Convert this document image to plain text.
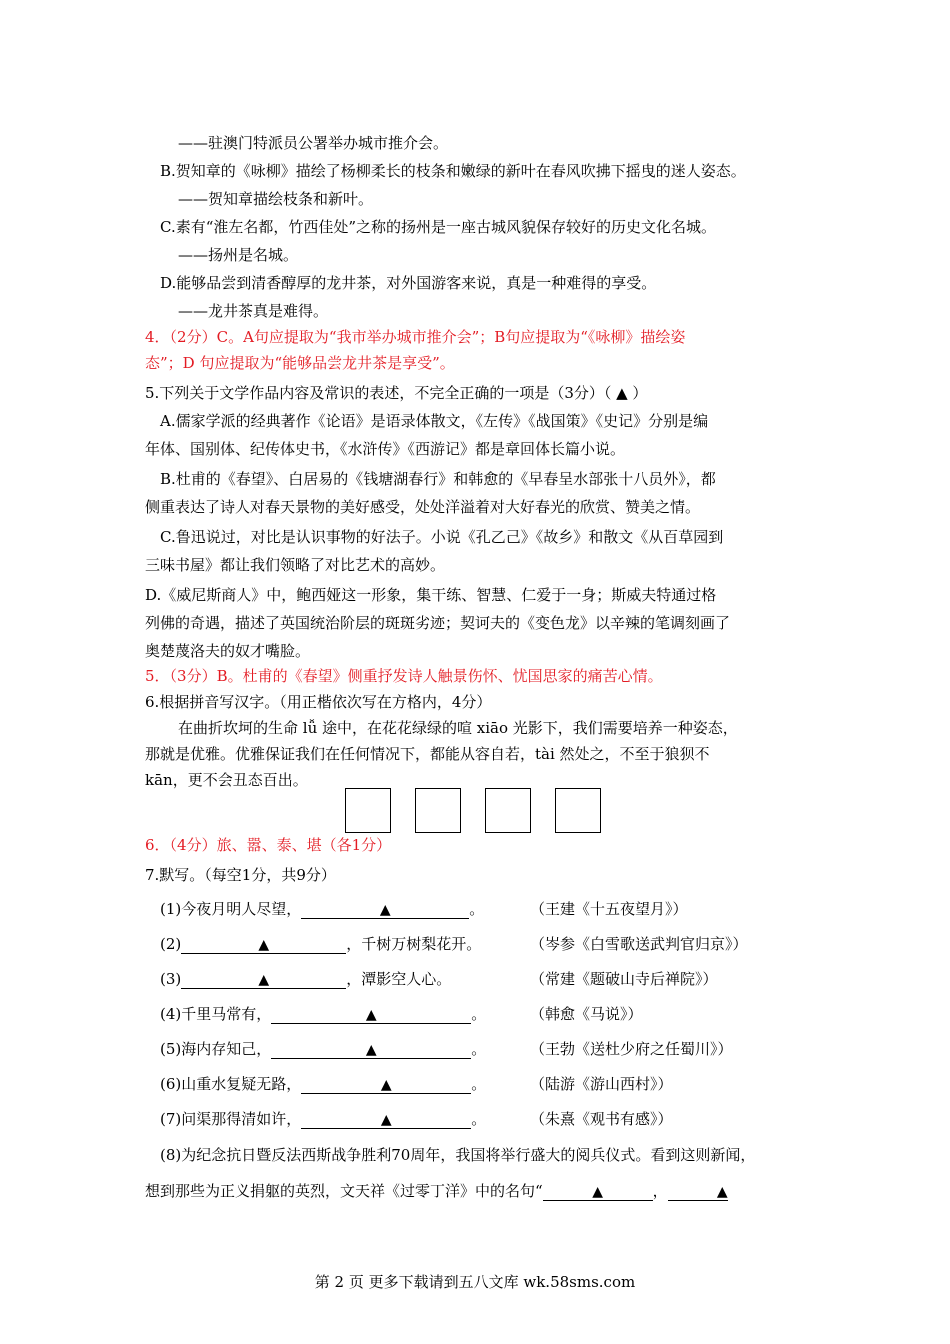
——驻澳门特派员公署举办城市推介会。
B.贺知章的《咏柳》描绘了杨柳柔长的枝条和嫩绿的新叶在春风吹拂下摇曳的迷人姿态。
——贺知章描绘枝条和新叶。
C.素有“淮左名都，竹西佳处”之称的扬州是一座古城风貌保存较好的历史文化名城。
——扬州是名城。
D.能够品尝到清香醇厚的龙井茶，对外国游客来说，真是一种难得的享受。
——龙井茶真是难得。
4．（2分）C。A句应提取为“我市举办城市推介会”；B句应提取为“《咏柳》描绘姿
态”；D 句应提取为“能够品尝龙井茶是享受”。
5.下列关于文学作品内容及常识的表述，不完全正确的一项是（3分）（ ▲ ）
A.儒家学派的经典著作《论语》是语录体散文，《左传》《战国策》《史记》分别是编
年体、国别体、纪传体史书，《水浒传》《西游记》都是章回体长篇小说。
B.杜甫的《春望》、白居易的《钱塘湖春行》和韩愈的《早春呈水部张十八员外》，都
侧重表达了诗人对春天景物的美好感受，处处洋溢着对大好春光的欣赏、赞美之情。
C.鲁迅说过，对比是认识事物的好法子。小说《孔乙己》《故乡》和散文《从百草园到
三味书屋》都让我们领略了对比艺术的高妙。
D.《威尼斯商人》中，鲍西娅这一形象，集干练、智慧、仁爱于一身；斯威夫特通过格
列佛的奇遇，描述了英国统治阶层的斑斑劣迹；契诃夫的《变色龙》以辛辣的笔调刻画了
奥楚蔑洛夫的奴才嘴脸。
5．（3分）B。杜甫的《春望》侧重抒发诗人触景伤怀、忧国思家的痛苦心情。
6.根据拼音写汉字。（用正楷依次写在方格内，4分）
在曲折坎坷的生命 lǚ 途中，在花花绿绿的喧 xiāo 光影下，我们需要培养一种姿态，
那就是优雅。优雅保证我们在任何情况下，都能从容自若，tài 然处之，不至于狼狈不
kān，更不会丑态百出。
6．（4分）旅、嚣、泰、堪（各1分）
7.默写。（每空1分，共9分）
(1)今夜月明人尽望，	▲	。	（王建《十五夜望月》）
(2)	▲	，千树万树梨花开。	（岑参《白雪歌送武判官归京》）
(3)	▲	，潭影空人心。	（常建《题破山寺后禅院》）
(4)千里马常有，	▲	。	（韩愈《马说》）
(5)海内存知己，	▲	。	（王勃《送杜少府之任蜀川》）
(6)山重水复疑无路，	▲	。	（陆游《游山西村》）
(7)问渠那得清如许，	▲	。	（朱熹《观书有感》）
(8)为纪念抗日暨反法西斯战争胜利70周年，我国将举行盛大的阅兵仪式。看到这则新闻，
想到那些为正义捐躯的英烈，文天祥《过零丁洋》中的名句“	▲	，	▲
第 2 页 更多下载请到五八文库 wk.58sms.com
